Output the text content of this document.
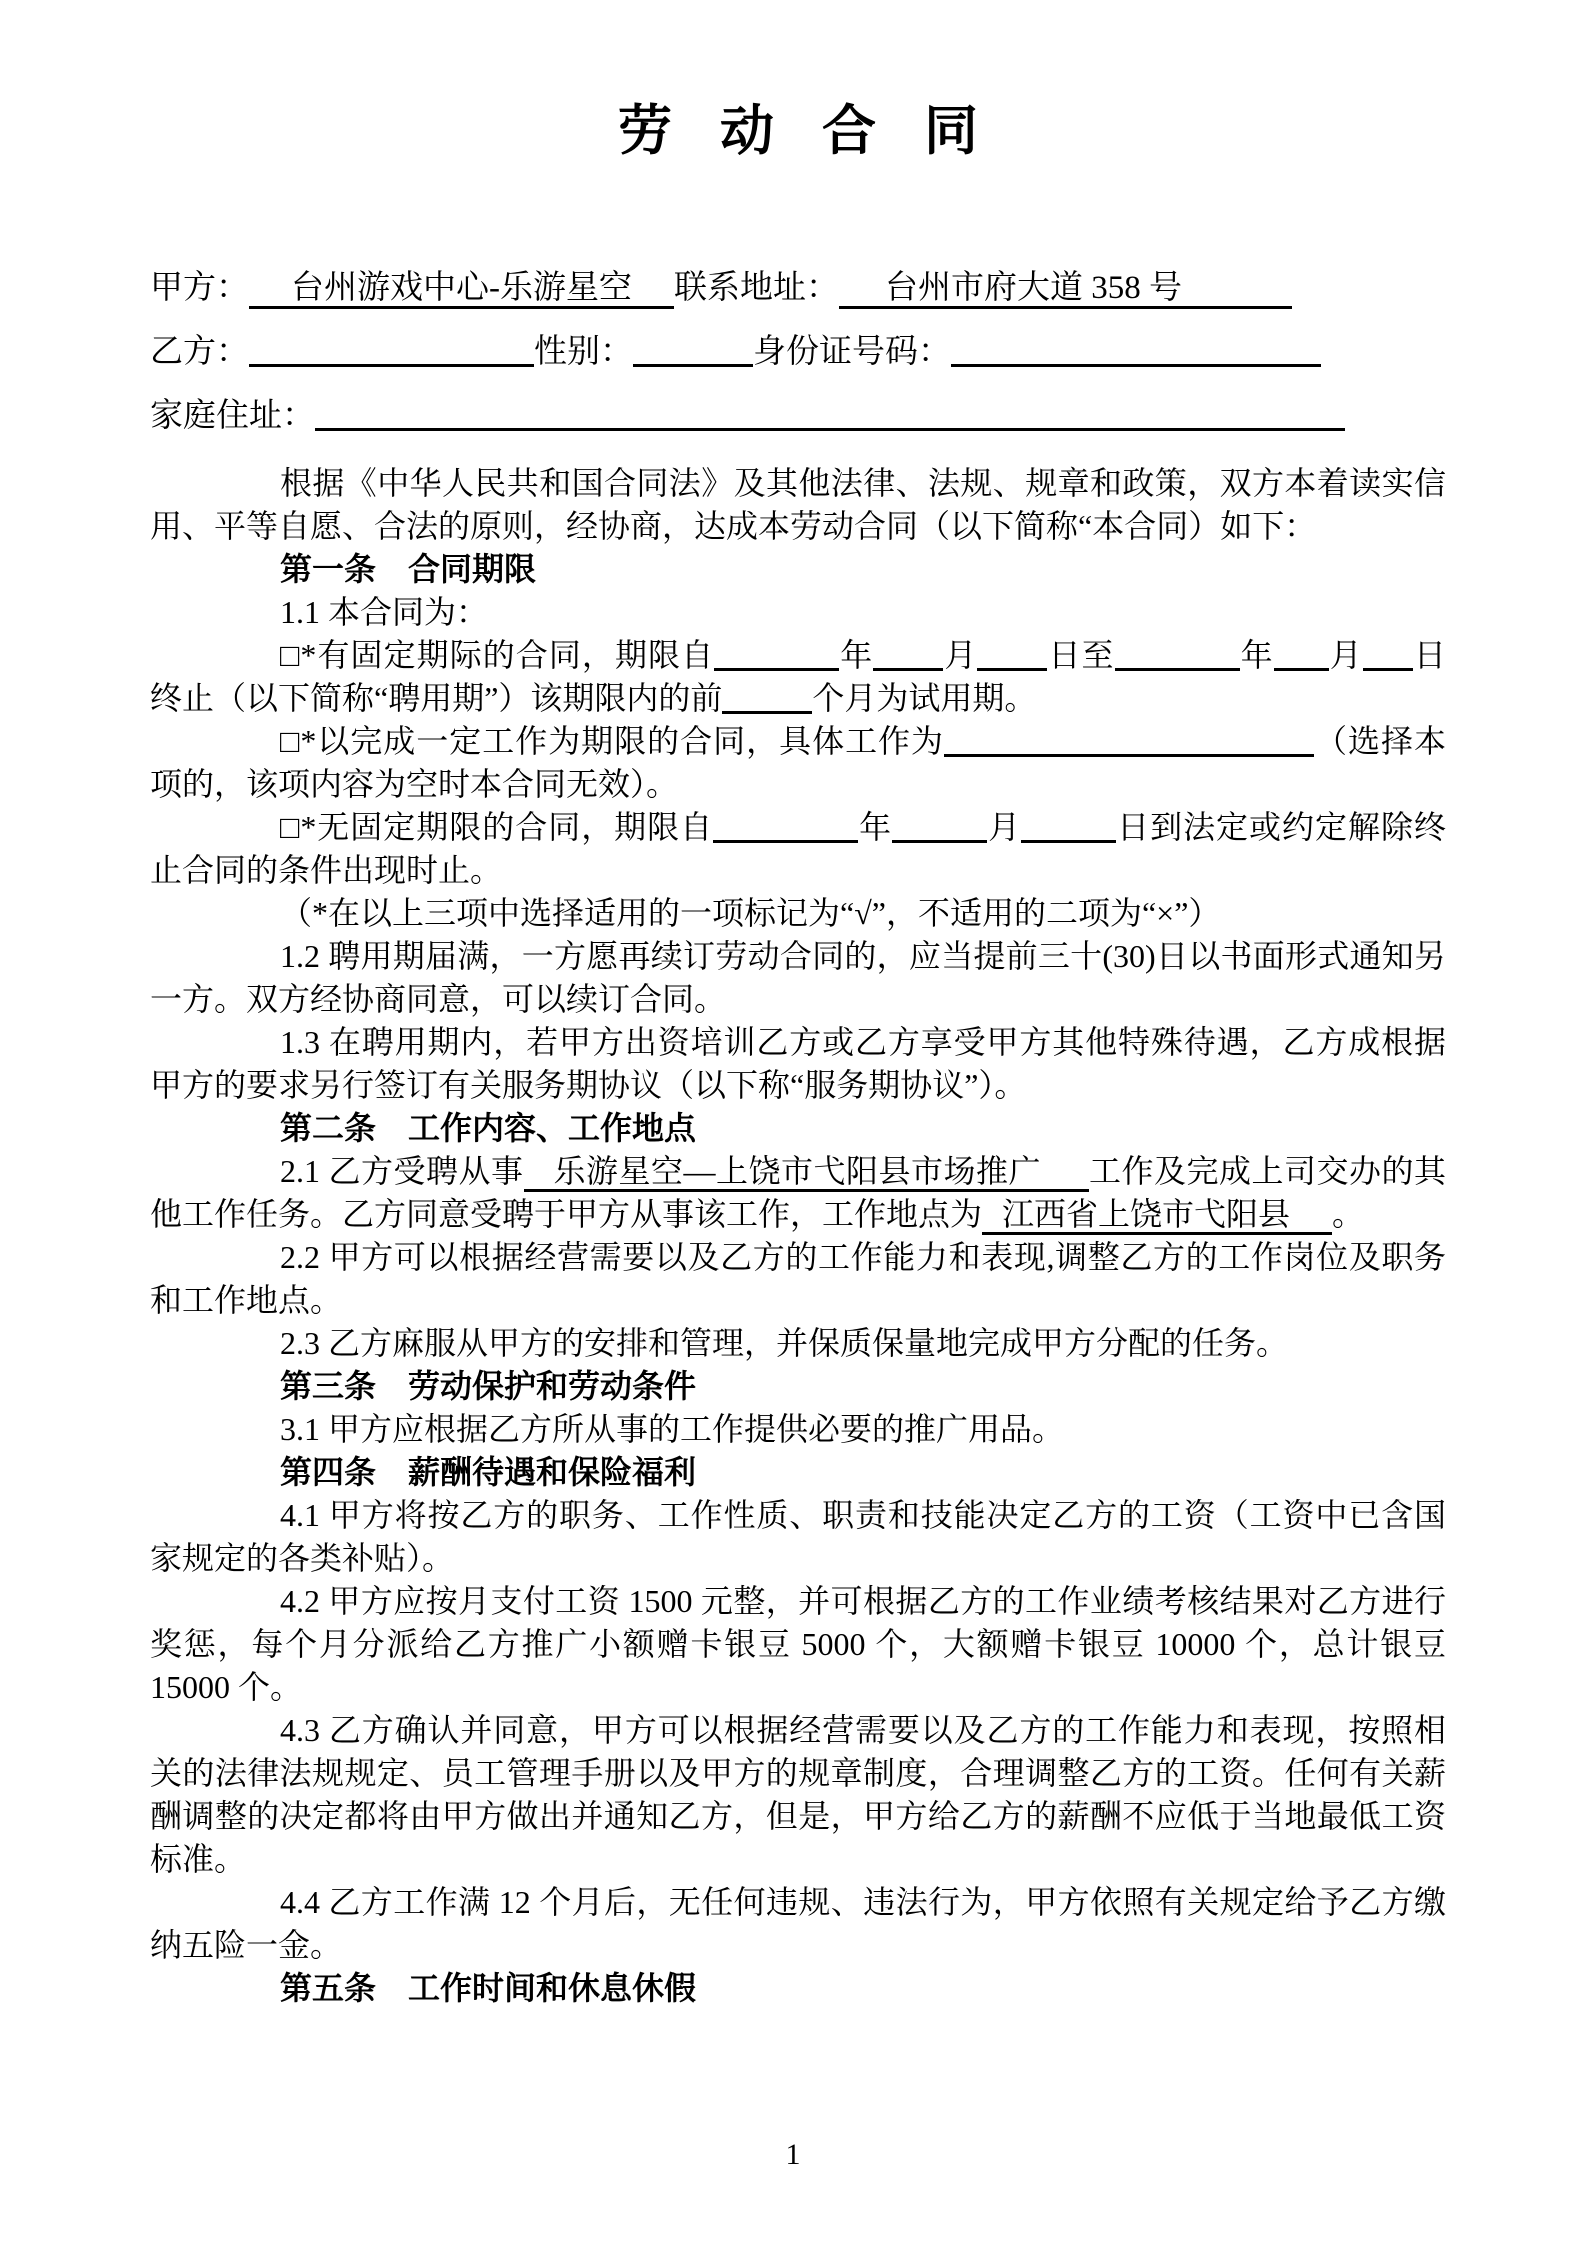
劳动合同
甲方： 台州游戏中心-乐游星空 联系地址： 台州市府大道 358 号
乙方：	性别：	身份证号码：
家庭住址：

根据《中华人民共和国合同法》及其他法律、法规、规章和政策，双方本着读实信用、平等自愿、合法的原则，经协商，达成本劳动合同（以下简称“本合同）如下：

第一条　合同期限

1.1 本合同为：

□*有固定期际的合同，期限自	年 月 日至	年 月 日终止（以下简称“聘用期”）该期限内的前	个月为试用期。

□*以完成一定工作为期限的合同，具体工作为	（选择本项的，该项内容为空时本合同无效）。

□*无固定期限的合同，期限自	年	月	日到法定或约定解除终止合同的条件出现时止。

（*在以上三项中选择适用的一项标记为“√”，不适用的二项为“×”）

1.2 聘用期届满，一方愿再续订劳动合同的，应当提前三十(30)日以书面形式通知另一方。双方经协商同意，可以续订合同。

1.3 在聘用期内，若甲方出资培训乙方或乙方享受甲方其他特殊待遇，乙方成根据甲方的要求另行签订有关服务期协议（以下称“服务期协议”）。

第二条　工作内容、工作地点

2.1 乙方受聘从事 乐游星空—上饶市弋阳县市场推广 工作及完成上司交办的其他工作任务。乙方同意受聘于甲方从事该工作，工作地点为 江西省上饶市弋阳县 。

2.2 甲方可以根据经营需要以及乙方的工作能力和表现,调整乙方的工作岗位及职务和工作地点。

2.3 乙方麻服从甲方的安排和管理，并保质保量地完成甲方分配的任务。

第三条　劳动保护和劳动条件

3.1 甲方应根据乙方所从事的工作提供必要的推广用品。

第四条　薪酬待遇和保险福利

4.1 甲方将按乙方的职务、工作性质、职责和技能决定乙方的工资（工资中已含国家规定的各类补贴）。

4.2 甲方应按月支付工资 1500 元整，并可根据乙方的工作业绩考核结果对乙方进行奖惩，每个月分派给乙方推广小额赠卡银豆 5000 个，大额赠卡银豆 10000 个，总计银豆 15000 个。

4.3 乙方确认并同意，甲方可以根据经营需要以及乙方的工作能力和表现，按照相关的法律法规规定、员工管理手册以及甲方的规章制度，合理调整乙方的工资。任何有关薪酬调整的决定都将由甲方做出并通知乙方，但是，甲方给乙方的薪酬不应低于当地最低工资标准。

4.4 乙方工作满 12 个月后，无任何违规、违法行为，甲方依照有关规定给予乙方缴纳五险一金。

第五条　工作时间和休息休假

1
